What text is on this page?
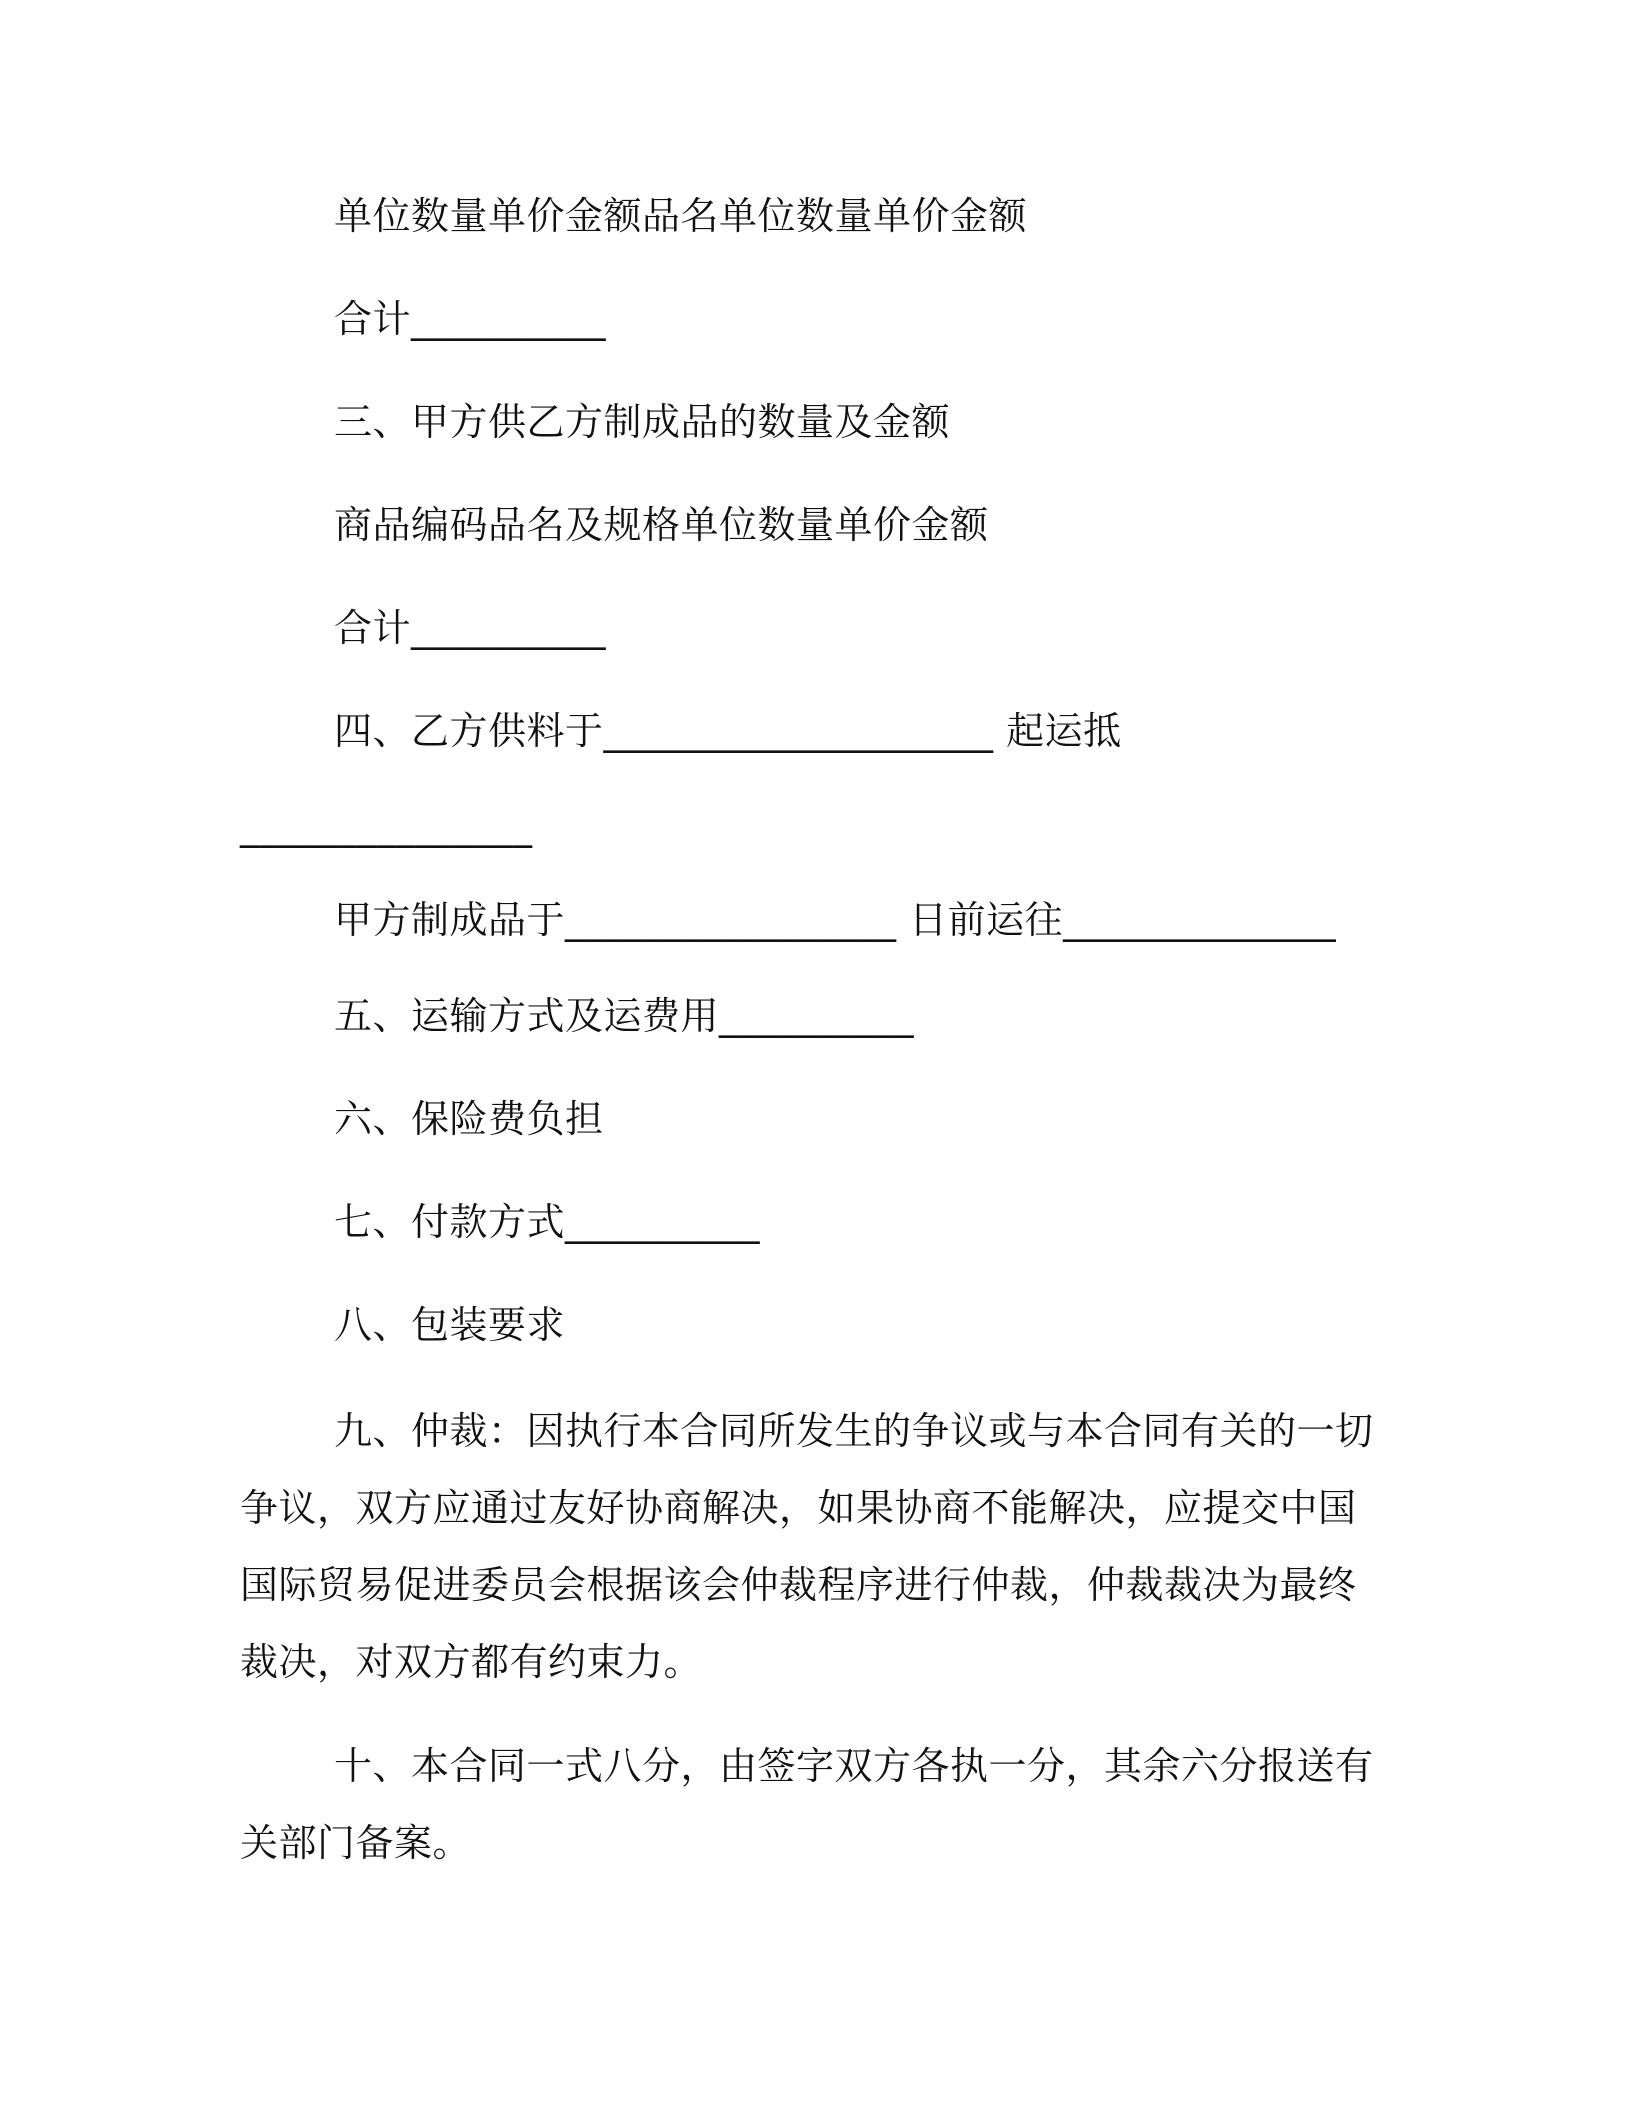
单位数量单价金额品名单位数量单价金额
合计__________
三、甲方供乙方制成品的数量及金额
商品编码品名及规格单位数量单价金额
合计__________
四、乙方供料于____________________ 起运抵
_______________
甲方制成品于_________________ 日前运往______________
五、运输方式及运费用__________
六、保险费负担
七、付款方式__________
八、包装要求
九、仲裁：因执行本合同所发生的争议或与本合同有关的一切争议，双方应通过友好协商解决，如果协商不能解决，应提交中国国际贸易促进委员会根据该会仲裁程序进行仲裁，仲裁裁决为最终裁决，对双方都有约束力。
十、本合同一式八分，由签字双方各执一分，其余六分报送有关部门备案。
